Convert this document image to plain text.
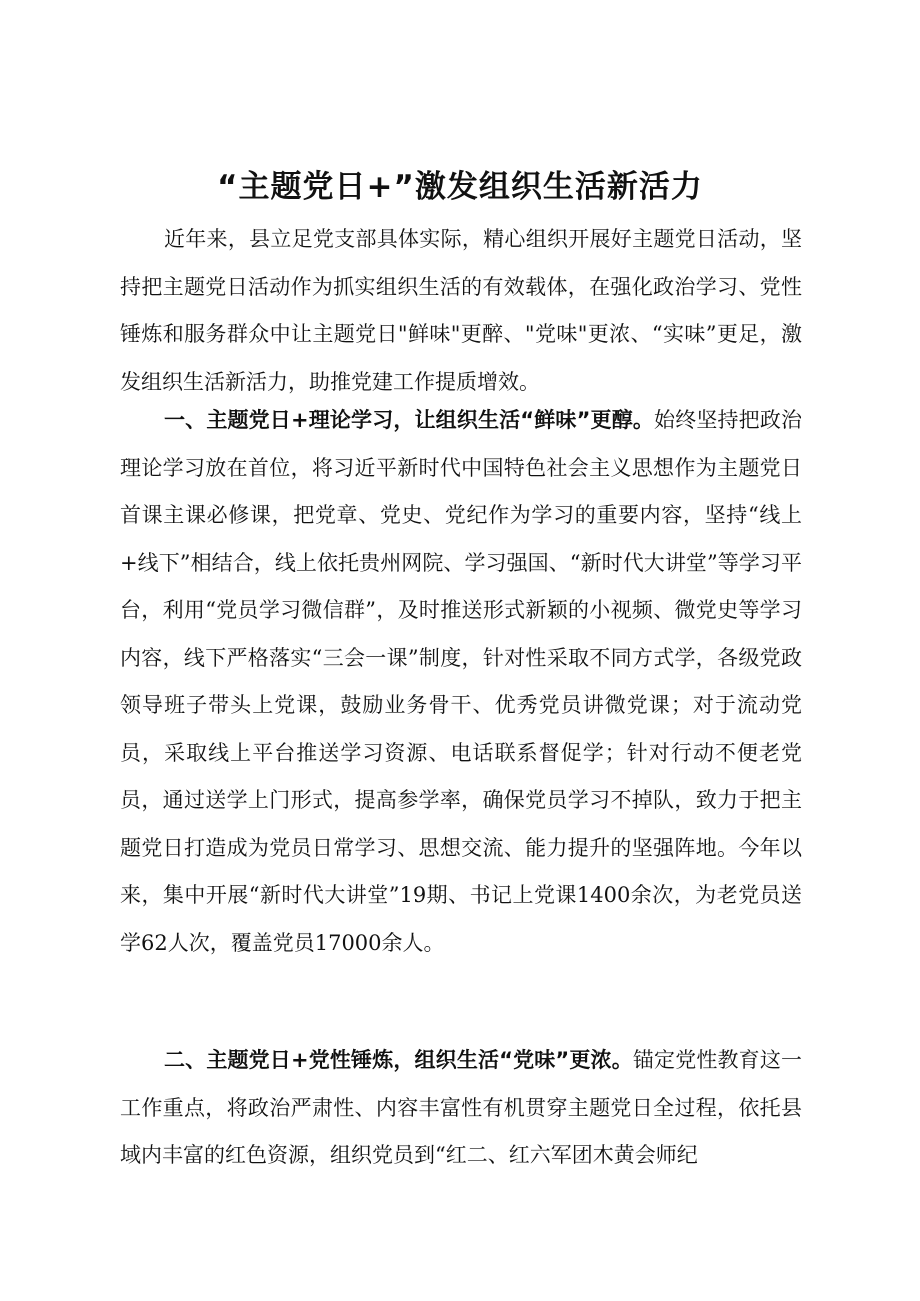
“主题党日+”激发组织生活新活力

近年来，县立足党支部具体实际，精心组织开展好主题党日活动，坚持把主题党日活动作为抓实组织生活的有效载体，在强化政治学习、党性锤炼和服务群众中让主题党日"鲜味"更醉、"党味"更浓、“实味”更足，激发组织生活新活力，助推党建工作提质增效。

一、主题党日+理论学习，让组织生活“鲜味”更醇。始终坚持把政治理论学习放在首位，将习近平新时代中国特色社会主义思想作为主题党日首课主课必修课，把党章、党史、党纪作为学习的重要内容，坚持“线上+线下”相结合，线上依托贵州网院、学习强国、“新时代大讲堂”等学习平台，利用“党员学习微信群”，及时推送形式新颖的小视频、微党史等学习内容，线下严格落实“三会一课”制度，针对性采取不同方式学，各级党政领导班子带头上党课，鼓励业务骨干、优秀党员讲微党课；对于流动党员，采取线上平台推送学习资源、电话联系督促学；针对行动不便老党员，通过送学上门形式，提高参学率，确保党员学习不掉队，致力于把主题党日打造成为党员日常学习、思想交流、能力提升的坚强阵地。今年以来，集中开展“新时代大讲堂”19期、书记上党课1400余次，为老党员送学62人次，覆盖党员17000余人。

二、主题党日+党性锤炼，组织生活“党味”更浓。锚定党性教育这一工作重点，将政治严肃性、内容丰富性有机贯穿主题党日全过程，依托县域内丰富的红色资源，组织党员到“红二、红六军团木黄会师纪
